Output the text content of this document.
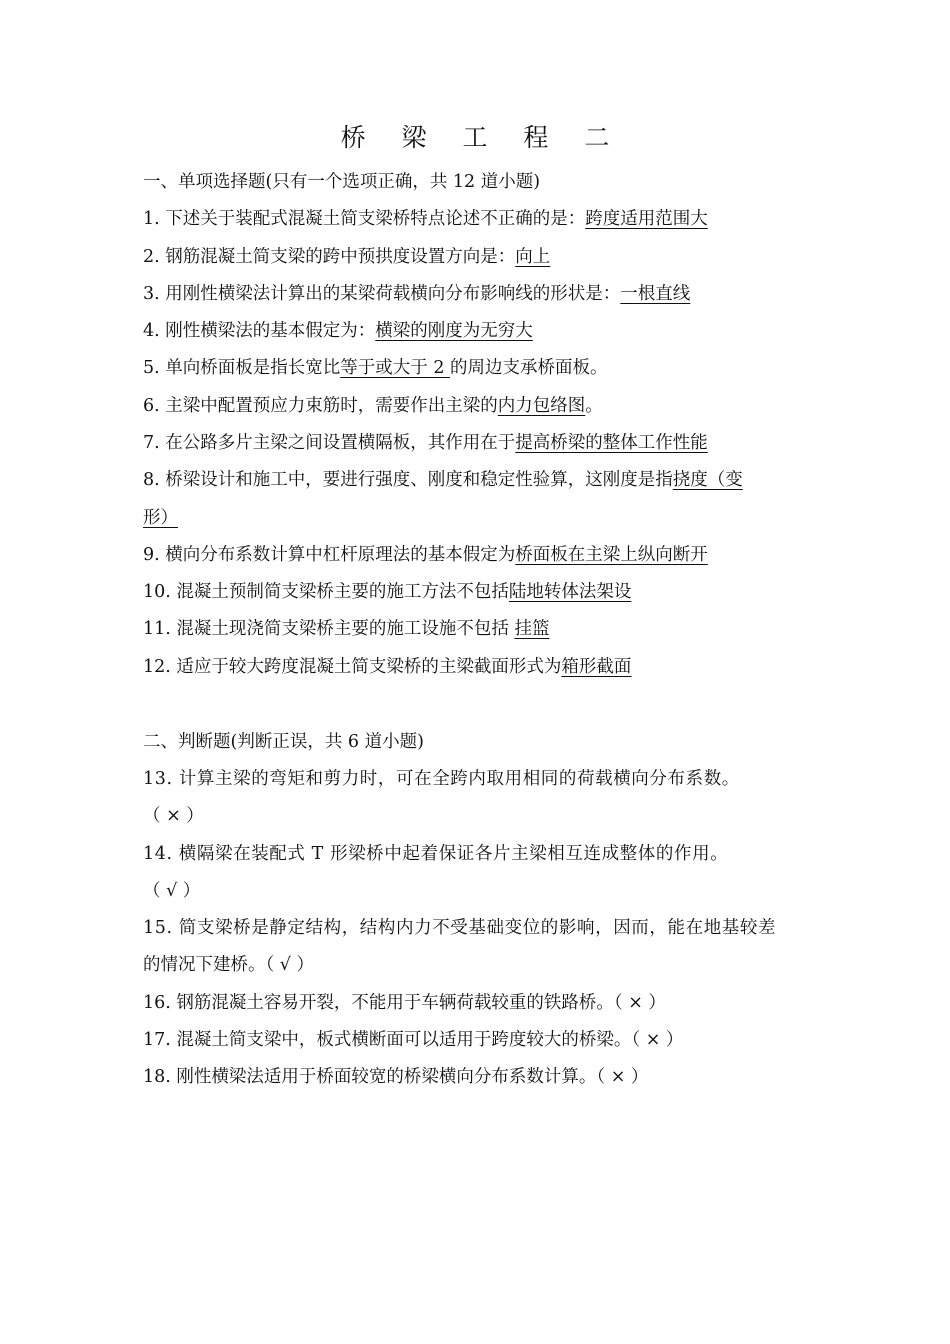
桥 梁 工 程 二
一、单项选择题(只有一个选项正确，共 12 道小题)
1. 下述关于装配式混凝土简支梁桥特点论述不正确的是：跨度适用范围大
2. 钢筋混凝土简支梁的跨中预拱度设置方向是：向上
3. 用刚性横梁法计算出的某梁荷载横向分布影响线的形状是：一根直线
4. 刚性横梁法的基本假定为：横梁的刚度为无穷大
5. 单向桥面板是指长宽比等于或大于 2 的周边支承桥面板。
6. 主梁中配置预应力束筋时，需要作出主梁的内力包络图。
7. 在公路多片主梁之间设置横隔板，其作用在于提高桥梁的整体工作性能
8. 桥梁设计和施工中，要进行强度、刚度和稳定性验算，这刚度是指挠度（变
形）
9. 横向分布系数计算中杠杆原理法的基本假定为桥面板在主梁上纵向断开
10. 混凝土预制简支梁桥主要的施工方法不包括陆地转体法架设
11. 混凝土现浇简支梁桥主要的施工设施不包括 挂篮
12. 适应于较大跨度混凝土简支梁桥的主梁截面形式为箱形截面
二、判断题(判断正误，共 6 道小题)
13. 计算主梁的弯矩和剪力时，可在全跨内取用相同的荷载横向分布系数。
（ × ）
14. 横隔梁在装配式 T 形梁桥中起着保证各片主梁相互连成整体的作用。
（ √ ）
15. 简支梁桥是静定结构，结构内力不受基础变位的影响，因而，能在地基较差
的情况下建桥。（ √ ）
16. 钢筋混凝土容易开裂，不能用于车辆荷载较重的铁路桥。（ × ）
17. 混凝土简支梁中，板式横断面可以适用于跨度较大的桥梁。（ × ）
18. 刚性横梁法适用于桥面较宽的桥梁横向分布系数计算。（ × ）
